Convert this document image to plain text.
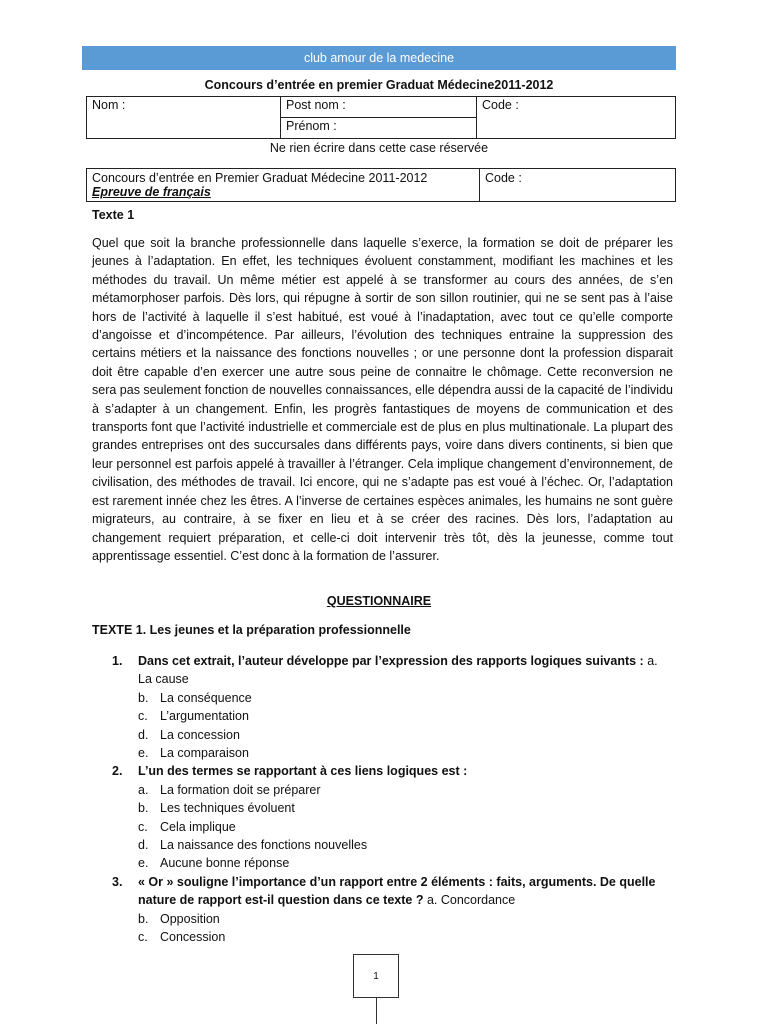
club amour de la medecine
Concours d’entrée en premier Graduat Médecine2011-2012
Nom :	Post nom :	Code :
Prénom :
Ne rien écrire dans cette case réservée
Concours d’entrée en Premier Graduat Médecine 2011-2012
Epreuve de français
	Code :
Texte 1
Quel que soit la branche professionnelle dans laquelle s’exerce, la formation se doit de préparer les jeunes à l’adaptation. En effet, les techniques évoluent constamment, modifiant les machines et les méthodes du travail. Un même métier est appelé à se transformer au cours des années, de s’en métamorphoser parfois. Dès lors, qui répugne à sortir de son sillon routinier, qui ne se sent pas à l’aise hors de l’activité à laquelle il s’est habitué, est voué à l’inadaptation, avec tout ce qu’elle comporte d’angoisse et d’incompétence. Par ailleurs, l’évolution des techniques entraine la suppression des certains métiers et la naissance des fonctions nouvelles ; or une personne dont la profession disparait doit être capable d’en exercer une autre sous peine de connaitre le chômage. Cette reconversion ne sera pas seulement fonction de nouvelles connaissances, elle dépendra aussi de la capacité de l’individu à s’adapter à un changement. Enfin, les progrès fantastiques de moyens de communication et des transports font que l’activité industrielle et commerciale est de plus en plus multinationale. La plupart des grandes entreprises ont des succursales dans différents pays, voire dans divers continents, si bien que leur personnel est parfois appelé à travailler à l’étranger. Cela implique changement d’environnement, de civilisation, des méthodes de travail. Ici encore, qui ne s’adapte pas est voué à l’échec. Or, l’adaptation est rarement innée chez les êtres. A l’inverse de certaines espèces animales, les humains ne sont guère migrateurs, au contraire, à se fixer en lieu et à se créer des racines. Dès lors, l’adaptation au changement requiert préparation, et celle-ci doit intervenir très tôt, dès la jeunesse, comme tout apprentissage essentiel. C’est donc à la formation de l’assurer.
QUESTIONNAIRE
TEXTE 1. Les jeunes et la préparation professionnelle
1. Dans cet extrait, l’auteur développe par l’expression des rapports logiques suivants : a. La cause
b. La conséquence
c. L’argumentation
d. La concession
e. La comparaison
2. L’un des termes se rapportant à ces liens logiques est :
a. La formation doit se préparer
b. Les techniques évoluent
c. Cela implique
d. La naissance des fonctions nouvelles
e. Aucune bonne réponse
3. « Or » souligne l’importance d’un rapport entre 2 éléments : faits, arguments. De quelle nature de rapport est-il question dans ce texte ? a. Concordance
b. Opposition
c. Concession
1
